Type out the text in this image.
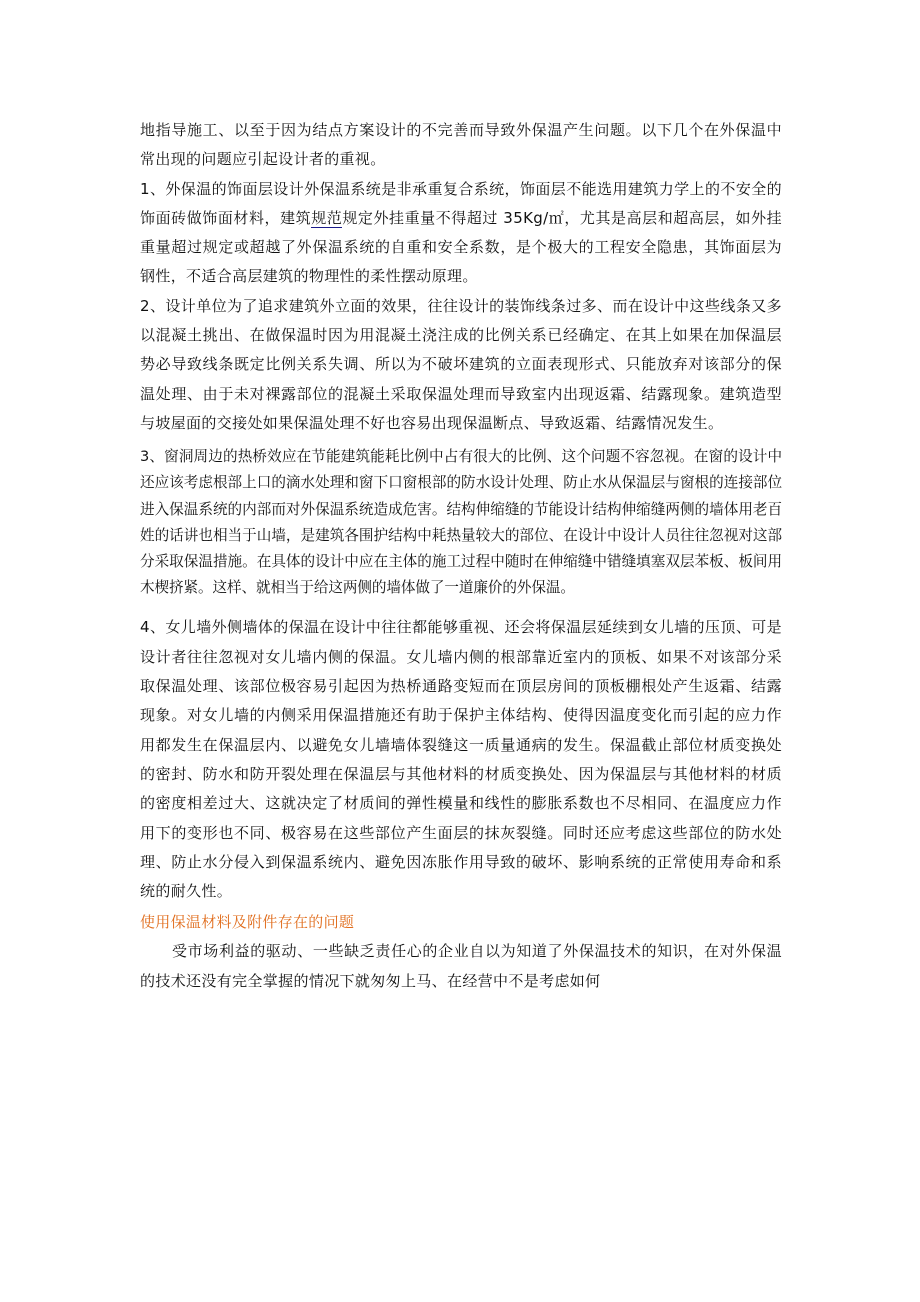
地指导施工、以至于因为结点方案设计的不完善而导致外保温产生问题。以下几个在外保温中常出现的问题应引起设计者的重视。

1、外保温的饰面层设计外保温系统是非承重复合系统，饰面层不能选用建筑力学上的不安全的饰面砖做饰面材料，建筑规范规定外挂重量不得超过 35Kg/㎡，尤其是高层和超高层，如外挂重量超过规定或超越了外保温系统的自重和安全系数，是个极大的工程安全隐患，其饰面层为钢性，不适合高层建筑的物理性的柔性摆动原理。

2、设计单位为了追求建筑外立面的效果，往往设计的装饰线条过多、而在设计中这些线条又多以混凝土挑出、在做保温时因为用混凝土浇注成的比例关系已经确定、在其上如果在加保温层势必导致线条既定比例关系失调、所以为不破坏建筑的立面表现形式、只能放弃对该部分的保温处理、由于未对裸露部位的混凝土采取保温处理而导致室内出现返霜、结露现象。建筑造型与坡屋面的交接处如果保温处理不好也容易出现保温断点、导致返霜、结露情况发生。

3、窗洞周边的热桥效应在节能建筑能耗比例中占有很大的比例、这个问题不容忽视。在窗的设计中还应该考虑根部上口的滴水处理和窗下口窗根部的防水设计处理、防止水从保温层与窗根的连接部位进入保温系统的内部而对外保温系统造成危害。结构伸缩缝的节能设计结构伸缩缝两侧的墙体用老百姓的话讲也相当于山墙，是建筑各围护结构中耗热量较大的部位、在设计中设计人员往往忽视对这部分采取保温措施。在具体的设计中应在主体的施工过程中随时在伸缩缝中错缝填塞双层苯板、板间用木楔挤紧。这样、就相当于给这两侧的墙体做了一道廉价的外保温。

4、女儿墙外侧墙体的保温在设计中往往都能够重视、还会将保温层延续到女儿墙的压顶、可是设计者往往忽视对女儿墙内侧的保温。女儿墙内侧的根部靠近室内的顶板、如果不对该部分采取保温处理、该部位极容易引起因为热桥通路变短而在顶层房间的顶板棚根处产生返霜、结露现象。对女儿墙的内侧采用保温措施还有助于保护主体结构、使得因温度变化而引起的应力作用都发生在保温层内、以避免女儿墙墙体裂缝这一质量通病的发生。保温截止部位材质变换处的密封、防水和防开裂处理在保温层与其他材料的材质变换处、因为保温层与其他材料的材质的密度相差过大、这就决定了材质间的弹性模量和线性的膨胀系数也不尽相同、在温度应力作用下的变形也不同、极容易在这些部位产生面层的抹灰裂缝。同时还应考虑这些部位的防水处理、防止水分侵入到保温系统内、避免因冻胀作用导致的破坏、影响系统的正常使用寿命和系统的耐久性。

使用保温材料及附件存在的问题

受市场利益的驱动、一些缺乏责任心的企业自以为知道了外保温技术的知识，在对外保温的技术还没有完全掌握的情况下就匆匆上马、在经营中不是考虑如何
